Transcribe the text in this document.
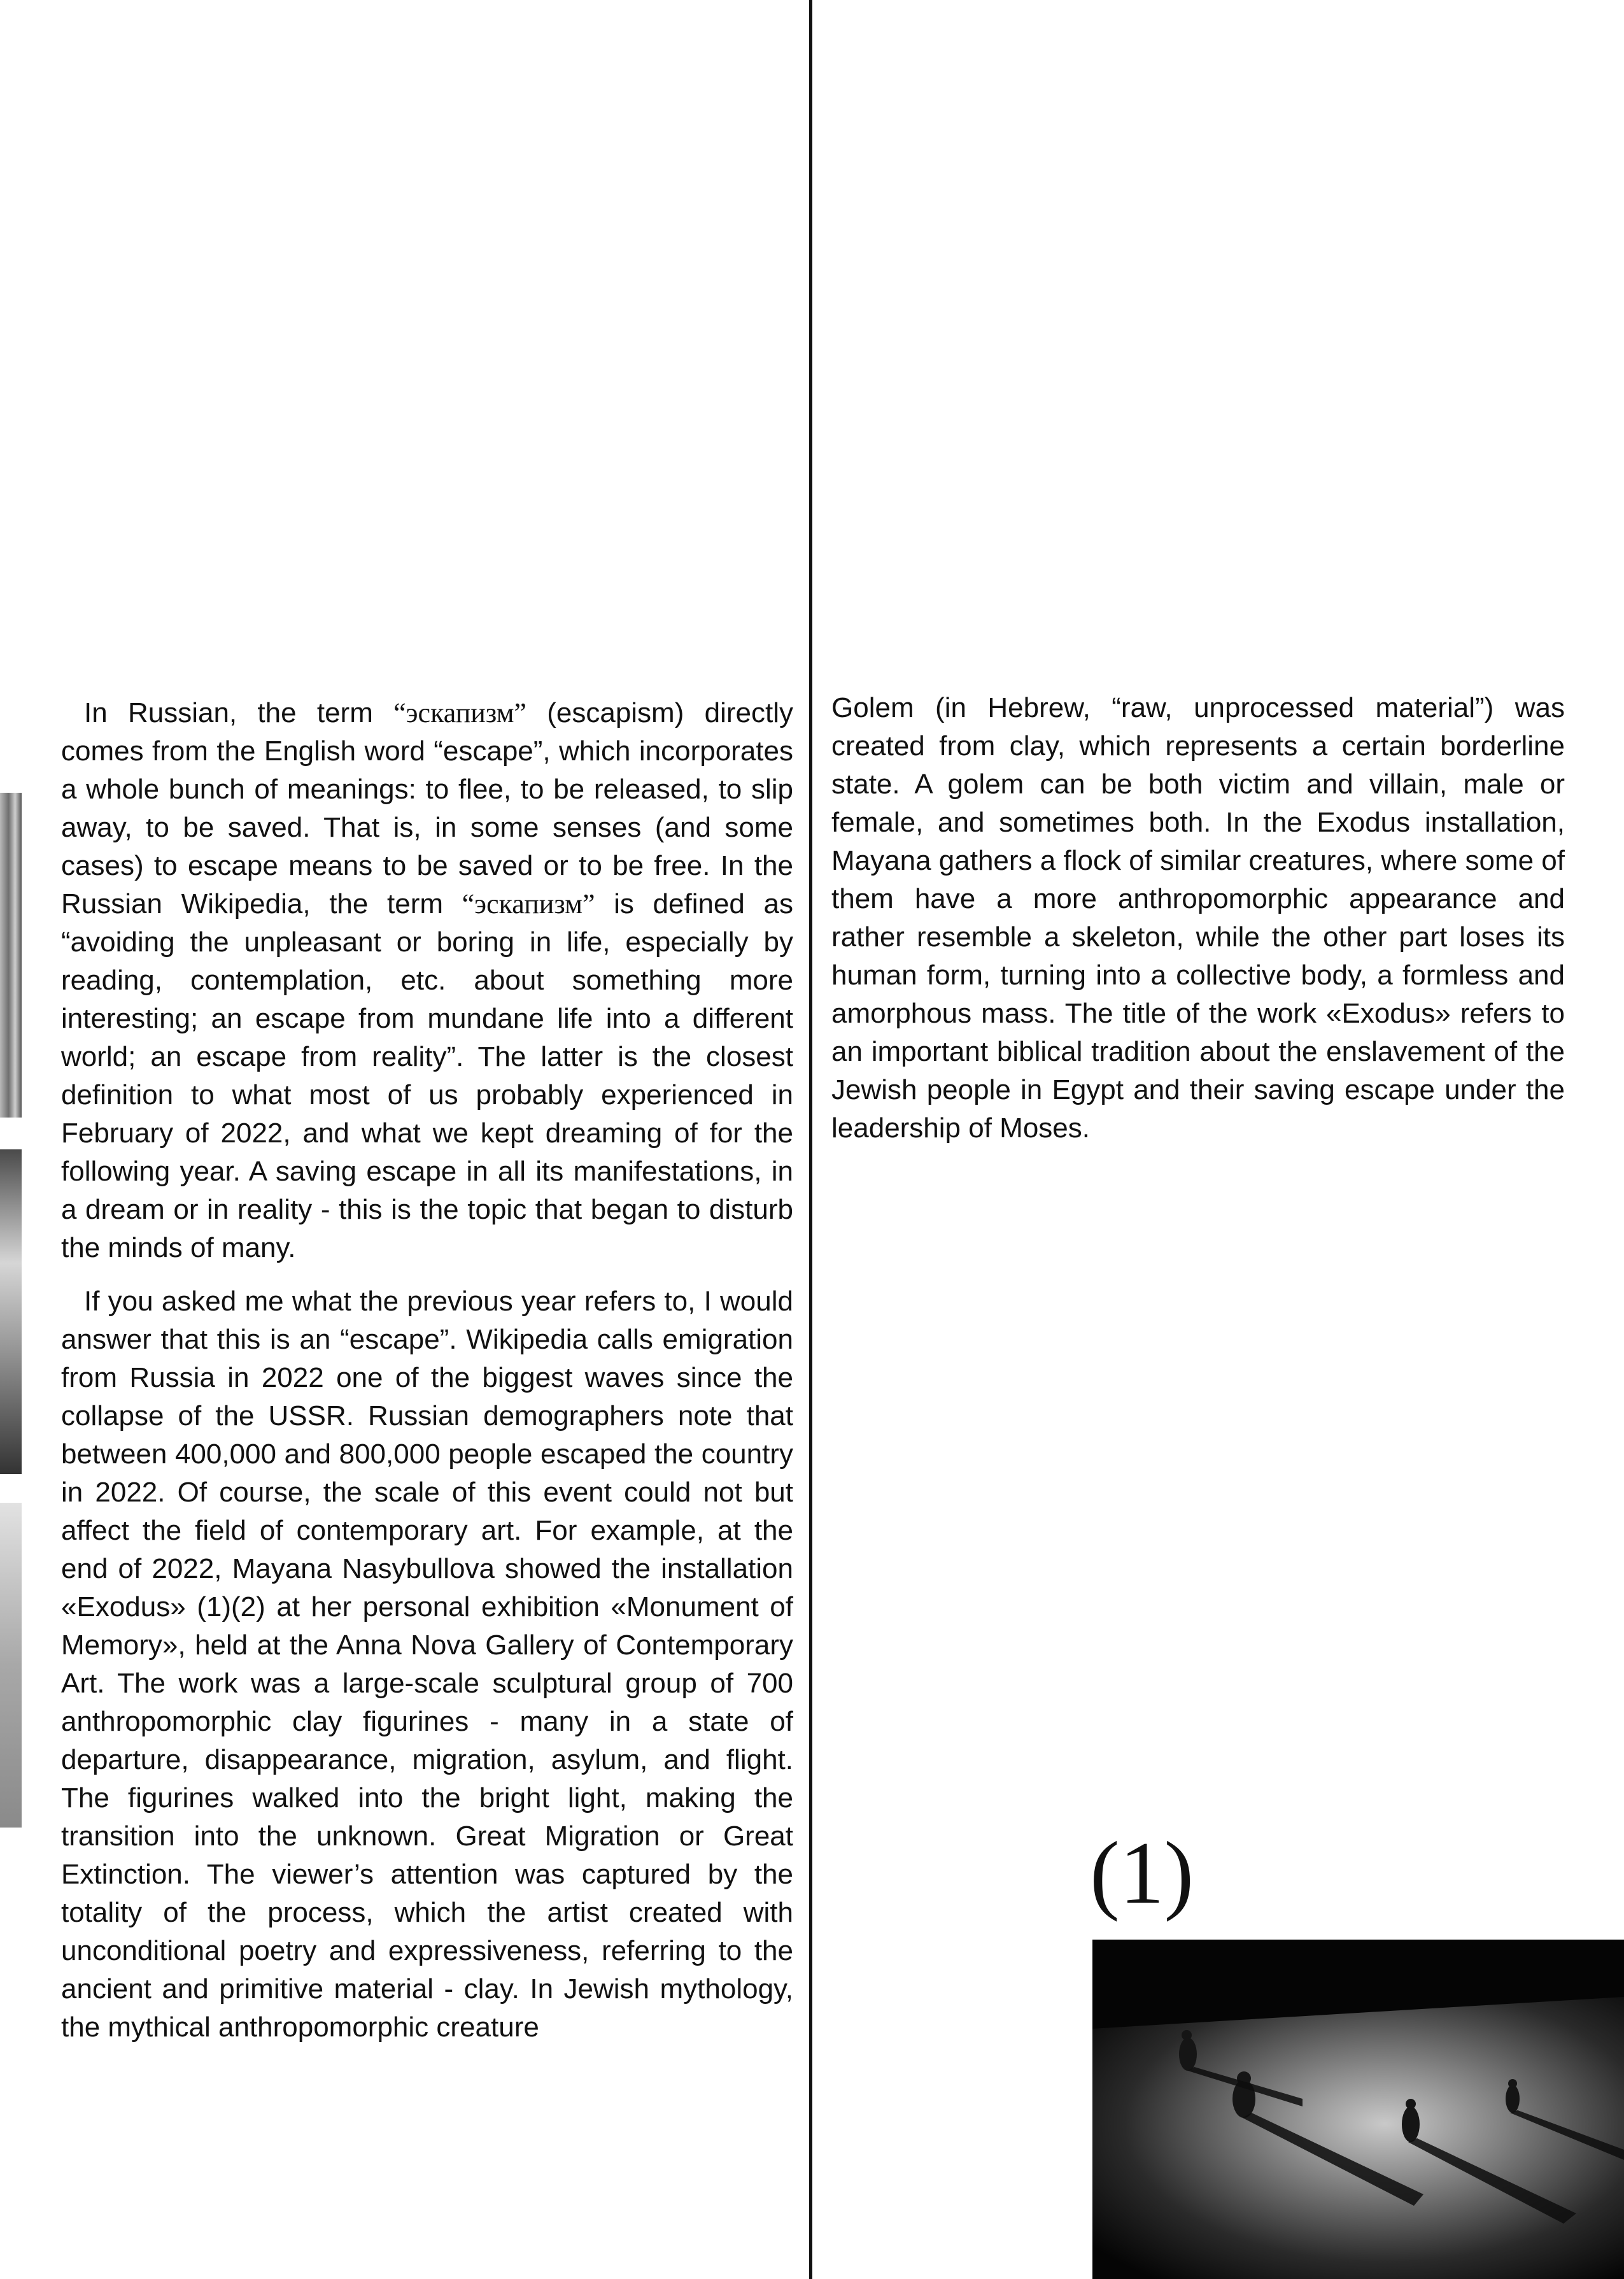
In Russian, the term “эскапизм” (escapism) directly comes from the English word “escape”, which incorporates a whole bunch of meanings: to flee, to be released, to slip away, to be saved. That is, in some senses (and some cases) to escape means to be saved or to be free. In the Russian Wikipedia, the term “эскапизм” is defined as “avoiding the unpleasant or boring in life, especially by reading, contemplation, etc. about something more interesting; an escape from mundane life into a different world; an escape from reality”. The latter is the closest definition to what most of us probably experienced in February of 2022, and what we kept dreaming of for the following year. A saving escape in all its manifestations, in a dream or in reality - this is the topic that began to disturb the minds of many.

If you asked me what the previous year refers to, I would answer that this is an “escape”. Wikipedia calls emigration from Russia in 2022 one of the biggest waves since the collapse of the USSR. Russian demographers note that between 400,000 and 800,000 people escaped the country in 2022. Of course, the scale of this event could not but affect the field of contemporary art. For example, at the end of 2022, Mayana Nasybullova showed the installation «Exodus» (1)(2) at her personal exhibition «Monument of Memory», held at the Anna Nova Gallery of Contemporary Art. The work was a large-scale sculptural group of 700 anthropomorphic clay figurines - many in a state of departure, disappearance, migration, asylum, and flight. The figurines walked into the bright light, making the transition into the unknown. Great Migration or Great Extinction. The viewer’s attention was captured by the totality of the process, which the artist created with unconditional poetry and expressiveness, referring to the ancient and primitive material - clay. In Jewish mythology, the mythical anthropomorphic creature

Golem (in Hebrew, “raw, unprocessed material”) was created from clay, which represents a certain borderline state. A golem can be both victim and villain, male or female, and sometimes both. In the Exodus installation, Mayana gathers a flock of similar creatures, where some of them have a more anthropomorphic appearance and rather resemble a skeleton, while the other part loses its human form, turning into a collective body, a formless and amorphous mass. The title of the work «Exodus» refers to an important biblical tradition about the enslavement of the Jewish people in Egypt and their saving escape under the leadership of Moses.

(1)
